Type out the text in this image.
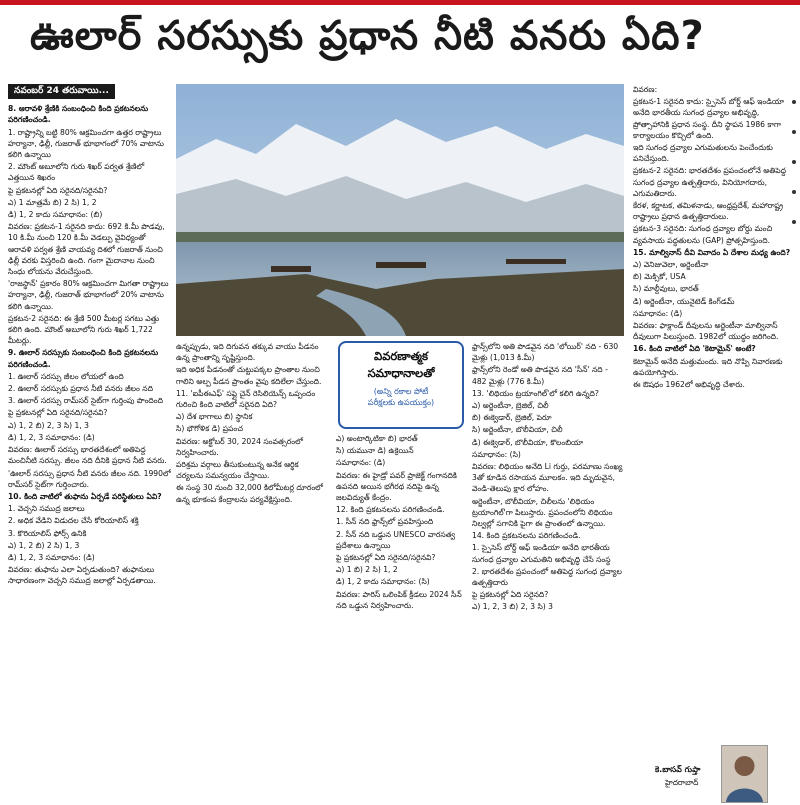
ఊలార్ సరస్సుకు ప్రధాన నీటి వనరు ఏది?
నవంబర్ 24 తరువాయి...

8. ఆరావళి శ్రేణికి సంబంధించి కింది ప్రకటనలను పరిగణించండి.

1. రాష్ట్రాన్ని బట్టి 80% ఆక్రమించగా ఉత్తర రాష్ట్రాలు హర్యానా, ఢిల్లీ, గుజరాత్ భూభాగంలో 70% వాటాను కలిగి ఉన్నాయి

2. మౌంట్ అబూలోని గురు శిఖర్ పర్వత శ్రేణిలో ఎత్తయిన శిఖరం

పై ప్రకటనల్లో ఏది సరైనది/సరైనవి?

ఎ) 1 మాత్రమే బి) 2 సి) 1, 2

డి) 1, 2 కాదు సమాధానం: (బి)

వివరణ: ప్రకటన-1 సరైనది కాదు: 692 కి.మీ పొడవు, 10 కి.మీ నుంచి 120 కి.మీ వెడల్పు వైవిధ్యంతో ఆరావళి పర్వత శ్రేణి వాయవ్య దిశలో గుజరాత్ నుంచి ఢిల్లీ వరకు విస్తరించి ఉంది. గంగా మైదానాల నుంచి సింధు లోయను వేరుచేస్తుంది.

'రాజస్థాన్' ప్రకారం 80% ఆక్రమించగా మిగతా రాష్ట్రాలు హర్యానా, ఢిల్లీ, గుజరాత్ భూభాగంలో 20% వాటాను కలిగి ఉన్నాయి.

ప్రకటన-2 సరైనది: ఈ శ్రేణి 500 మీటర్ల సగటు ఎత్తు కలిగి ఉంది. మౌంట్ అబూలోని గురు శిఖర్ 1,722 మీటర్లు.

9. ఊలార్ సరస్సుకు సంబంధించి కింది ప్రకటనలను పరిగణించండి.

1. ఊలార్ సరస్సు జీలం లోయలో ఉంది

2. ఊలార్ సరస్సుకు ప్రధాన నీటి వనరు జీలం నది

3. ఊలార్ సరస్సు రామ్‌సర్ సైట్‌గా గుర్తింపు పొందింది

పై ప్రకటనల్లో ఏది సరైనది/సరైనవి?

ఎ) 1, 2 బి) 2, 3 సి) 1, 3

డి) 1, 2, 3 సమాధానం: (డి)

వివరణ: ఊలార్ సరస్సు భారతదేశంలో అతిపెద్ద మంచినీటి సరస్సు. జీలం నది దీనికి ప్రధాన నీటి వనరు.

'ఊలార్ సరస్సు ప్రధాన నీటి వనరు జీలం నది. 1990లో రామ్‌సర్ సైట్‌గా గుర్తించారు.

10. కింది వాటిలో తుఫాను ఏర్పడే పరిస్థితులు ఏవి?

1. వెచ్చని సముద్ర జలాలు

2. అధిక వేడిని విడుదల చేసే కోరియాలిస్ శక్తి

3. కొరియాలిస్ ఫోర్స్ ఉనికి

ఎ) 1, 2 బి) 2 సి) 1, 3

డి) 1, 2, 3 సమాధానం: (డి)

వివరణ: తుఫాను ఎలా ఏర్పడుతుంది? తుఫానులు సాధారణంగా వెచ్చని సముద్ర జలాల్లో ఏర్పడతాయి.

ఉన్నప్పుడు, ఇది దిగువన తక్కువ వాయు పీడనం ఉన్న ప్రాంతాన్ని సృష్టిస్తుంది.

ఇది అధిక పీడనంతో చుట్టుపక్కల ప్రాంతాల నుంచి గాలిని అల్ప పీడన ప్రాంతం వైపు కదిలేలా చేస్తుంది.

11. 'ఐపీఈఎఫ్' సప్లై చైన్ రెసిలియెన్స్ ఒప్పందం గురించి కింది వాటిలో సరైనది ఏది?

ఎ) దేశ భాగాలు బి) స్థానిక

సి) భౌగోళిక డి) ప్రపంచ

వివరణ: అక్టోబర్ 30, 2024 సంవత్సరంలో నిర్వహించారు.

పరిశ్రమ వర్గాలు తీసుకుంటున్న అనేక ఆర్థిక చర్యలను సమన్వయం చేస్తాయి.

ఈ సంస్థ 30 నుంచి 32,000 కిలోమీటర్ల దూరంలో ఉన్న భూకంప కేంద్రాలను పర్యవేక్షిస్తుంది.

ఎ) అంటార్కిటికా బి) భారత్

సి) యమునా డి) ఉక్రెయిన్

సమాధానం: (డి)

వివరణ: ఈ హైడ్రో పవర్ ప్రాజెక్ట్ గంగానదికి ఉపనది అయిన భగీరథ నదిపై ఉన్న జలవిద్యుత్ కేంద్రం.

12. కింది ప్రకటనలను పరిగణించండి.

1. సీన్ నది ఫ్రాన్స్‌లో ప్రవహిస్తుంది

2. సీన్ నది ఒడ్డున UNESCO వారసత్వ ప్రదేశాలు ఉన్నాయి

పై ప్రకటనల్లో ఏది సరైనది/సరైనవి?

ఎ) 1 బి) 2 సి) 1, 2

డి) 1, 2 కాదు సమాధానం: (సి)

వివరణ: పారిస్ ఒలింపిక్ క్రీడలు 2024 సీన్ నది ఒడ్డున నిర్వహించారు.

వివరణాత్మక
సమాధానాలతో
(అన్ని రకాల పోటీ
పరీక్షలకు ఉపయుక్తం)

ఫ్రాన్స్‌లోని అతి పొడవైన నది 'లోయిర్' నది - 630 మైళ్లు (1,013 కి.మీ)

ఫ్రాన్స్‌లోని రెండో అతి పొడవైన నది 'సీన్' నది - 482 మైళ్లు (776 కి.మీ)

13. 'లిథియం ట్రయాంగిల్'లో కలిగి ఉన్నది?

ఎ) అర్జెంటీనా, బ్రెజిల్, చిలీ

బి) ఈక్వెడార్, బ్రెజిల్, పెరూ

సి) అర్జెంటీనా, బొలీవియా, చిలీ

డి) ఈక్వెడార్, బొలీవియా, కొలంబియా

సమాధానం: (సి)

వివరణ: లిథియం అనేది Li గుర్తు, పరమాణు సంఖ్య 3తో కూడిన రసాయన మూలకం. ఇది మృదువైన, వెండి-తెలుపు క్షార లోహం.

అర్జెంటీనా, బొలీవియా, చిలీలను 'లిథియం ట్రయాంగిల్'గా పిలుస్తారు. ప్రపంచంలోని లిథియం నిల్వల్లో సగానికి పైగా ఈ ప్రాంతంలో ఉన్నాయి.

14. కింది ప్రకటనలను పరిగణించండి.

1. స్పైసెస్ బోర్డ్ ఆఫ్ ఇండియా అనేది భారతీయ సుగంధ ద్రవ్యాల ఎగుమతిని అభివృద్ధి చేసే సంస్థ

2. భారతదేశం ప్రపంచంలో అతిపెద్ద సుగంధ ద్రవ్యాల ఉత్పత్తిదారు

పై ప్రకటనల్లో ఏది సరైనది?

ఎ) 1, 2, 3 బి) 2, 3 సి) 3

వివరణ:

ప్రకటన-1 సరైనది కాదు: స్పైసెస్ బోర్డ్ ఆఫ్ ఇండియా అనేది భారతీయ సుగంధ ద్రవ్యాల అభివృద్ధి, ప్రోత్సాహానికి ప్రధాన సంస్థ. దీని స్థాపన 1986 కాగా కార్యాలయం కొచ్చిలో ఉంది.

ఇది సుగంధ ద్రవ్యాల ఎగుమతులను పెంచేందుకు పనిచేస్తుంది.

ప్రకటన-2 సరైనది: భారతదేశం ప్రపంచంలోనే అతిపెద్ద సుగంధ ద్రవ్యాల ఉత్పత్తిదారు, వినియోగదారు, ఎగుమతిదారు.

కేరళ, కర్ణాటక, తమిళనాడు, ఆంధ్రప్రదేశ్, మహారాష్ట్ర రాష్ట్రాలు ప్రధాన ఉత్పత్తిదారులు.

ప్రకటన-3 సరైనది: సుగంధ ద్రవ్యాల బోర్డు మంచి వ్యవసాయ పద్ధతులను (GAP) ప్రోత్సహిస్తుంది.

15. మాల్వినాస్ దీవి వివాదం ఏ దేశాల మధ్య ఉంది?

ఎ) వెనిజువెలా, అర్జెంటీనా

బి) మెక్సికో, USA

సి) మాల్దీవులు, భారత్

డి) అర్జెంటీనా, యునైటెడ్ కింగ్‌డమ్

సమాధానం: (డి)

వివరణ: ఫాక్లాండ్ దీవులను అర్జెంటీనా మాల్వినాస్ దీవులుగా పిలుస్తుంది. 1982లో యుద్ధం జరిగింది.

16. కింది వాటిలో ఏది 'కెటామైన్' అంటే?

కెటామైన్ అనేది మత్తుమందు. ఇది నొప్పి నివారణకు ఉపయోగిస్తారు.

ఈ ఔషధం 1962లో అభివృద్ధి చేశారు.

కె.బాసవ్ గుప్తా
హైదరాబాద్
